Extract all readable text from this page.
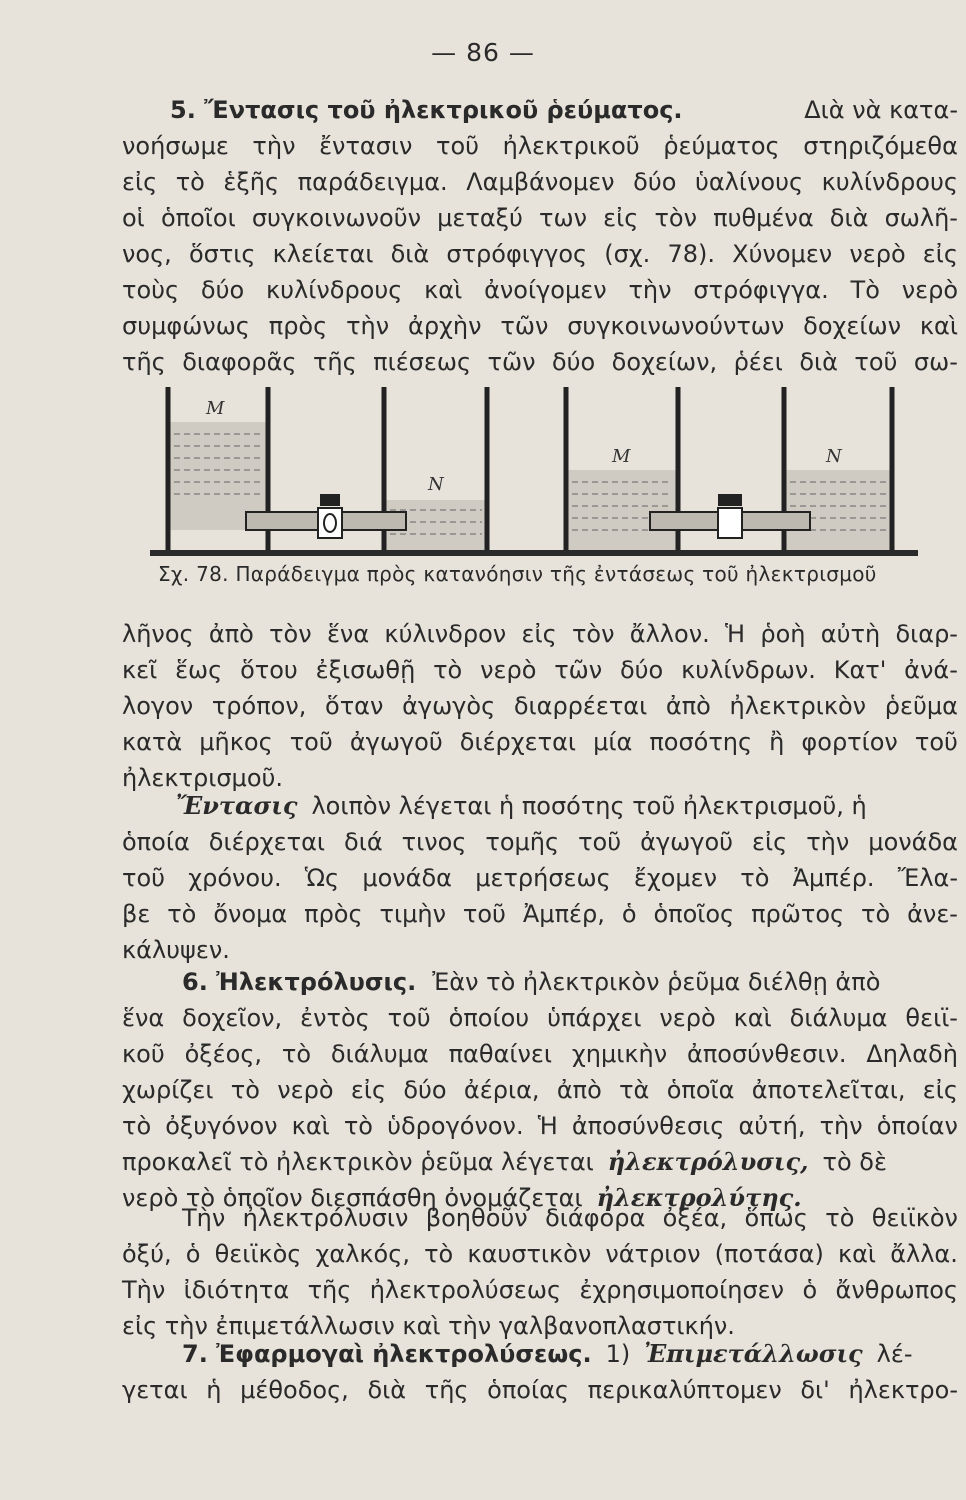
— 86 —
5. Ἔντασις τοῦ ἠλεκτρικοῦ ῥεύματος.	Διὰ νὰ κατα-
νοήσωμε τὴν ἔντασιν τοῦ ἠλεκτρικοῦ ῥεύματος στηριζόμεθα
εἰς τὸ ἑξῆς παράδειγμα. Λαμβάνομεν δύο ὑαλίνους κυλίνδρους
οἱ ὁποῖοι συγκοινωνοῦν μεταξύ των εἰς τὸν πυθμένα διὰ σωλῆ-
νος, ὅστις κλείεται διὰ στρόφιγγος (σχ. 78). Χύνομεν νερὸ εἰς
τοὺς δύο κυλίνδρους καὶ ἀνοίγομεν τὴν στρόφιγγα. Τὸ νερὸ
συμφώνως πρὸς τὴν ἀρχὴν τῶν συγκοινωνούντων δοχείων καὶ
τῆς διαφορᾶς τῆς πιέσεως τῶν δύο δοχείων, ῥέει διὰ τοῦ σω-
M
N
M	N
Σχ. 78. Παράδειγμα πρὸς κατανόησιν τῆς ἐντάσεως τοῦ ἠλεκτρισμοῦ
λῆνος ἀπὸ τὸν ἕνα κύλινδρον εἰς τὸν ἄλλον. Ἡ ῥοὴ αὐτὴ διαρ-
κεῖ ἕως ὅτου ἐξισωθῇ τὸ νερὸ τῶν δύο κυλίνδρων. Κατ' ἀνά-
λογον τρόπον, ὅταν ἀγωγὸς διαρρέεται ἀπὸ ἠλεκτρικὸν ῥεῦμα
κατὰ μῆκος τοῦ ἀγωγοῦ διέρχεται μία ποσότης ἢ φορτίον τοῦ
ἠλεκτρισμοῦ.
Ἔντασις λοιπὸν λέγεται ἡ ποσότης τοῦ ἠλεκτρισμοῦ, ἡ
ὁποία διέρχεται διά τινος τομῆς τοῦ ἀγωγοῦ εἰς τὴν μονάδα
τοῦ χρόνου. Ὡς μονάδα μετρήσεως ἔχομεν τὸ Ἀμπέρ. Ἔλα-
βε τὸ ὄνομα πρὸς τιμὴν τοῦ Ἀμπέρ, ὁ ὁποῖος πρῶτος τὸ ἀνε-
κάλυψεν.
6. Ἠλεκτρόλυσις. Ἐὰν τὸ ἠλεκτρικὸν ῥεῦμα διέλθῃ ἀπὸ
ἕνα δοχεῖον, ἐντὸς τοῦ ὁποίου ὑπάρχει νερὸ καὶ διάλυμα θειϊ-
κοῦ ὀξέος, τὸ διάλυμα παθαίνει χημικὴν ἀποσύνθεσιν. Δηλαδὴ
χωρίζει τὸ νερὸ εἰς δύο ἀέρια, ἀπὸ τὰ ὁποῖα ἀποτελεῖται, εἰς
τὸ ὀξυγόνον καὶ τὸ ὑδρογόνον. Ἡ ἀποσύνθεσις αὐτή, τὴν ὁποίαν
προκαλεῖ τὸ ἠλεκτρικὸν ῥεῦμα λέγεται ἠλεκτρόλυσις, τὸ δὲ
νερὸ τὸ ὁποῖον διεσπάσθη ὀνομάζεται ἠλεκτρολύτης.
Τὴν ἠλεκτρόλυσιν βοηθοῦν διάφορα ὀξέα, ὅπως τὸ θειϊκὸν
ὀξύ, ὁ θειϊκὸς χαλκός, τὸ καυστικὸν νάτριον (ποτάσα) καὶ ἄλλα.
Τὴν ἰδιότητα τῆς ἠλεκτρολύσεως ἐχρησιμοποίησεν ὁ ἄνθρωπος
εἰς τὴν ἐπιμετάλλωσιν καὶ τὴν γαλβανοπλαστικήν.
7. Ἐφαρμογαὶ ἠλεκτρολύσεως. 1) Ἐπιμετάλλωσις λέ-
γεται ἡ μέθοδος, διὰ τῆς ὁποίας περικαλύπτομεν δι' ἠλεκτρο-
